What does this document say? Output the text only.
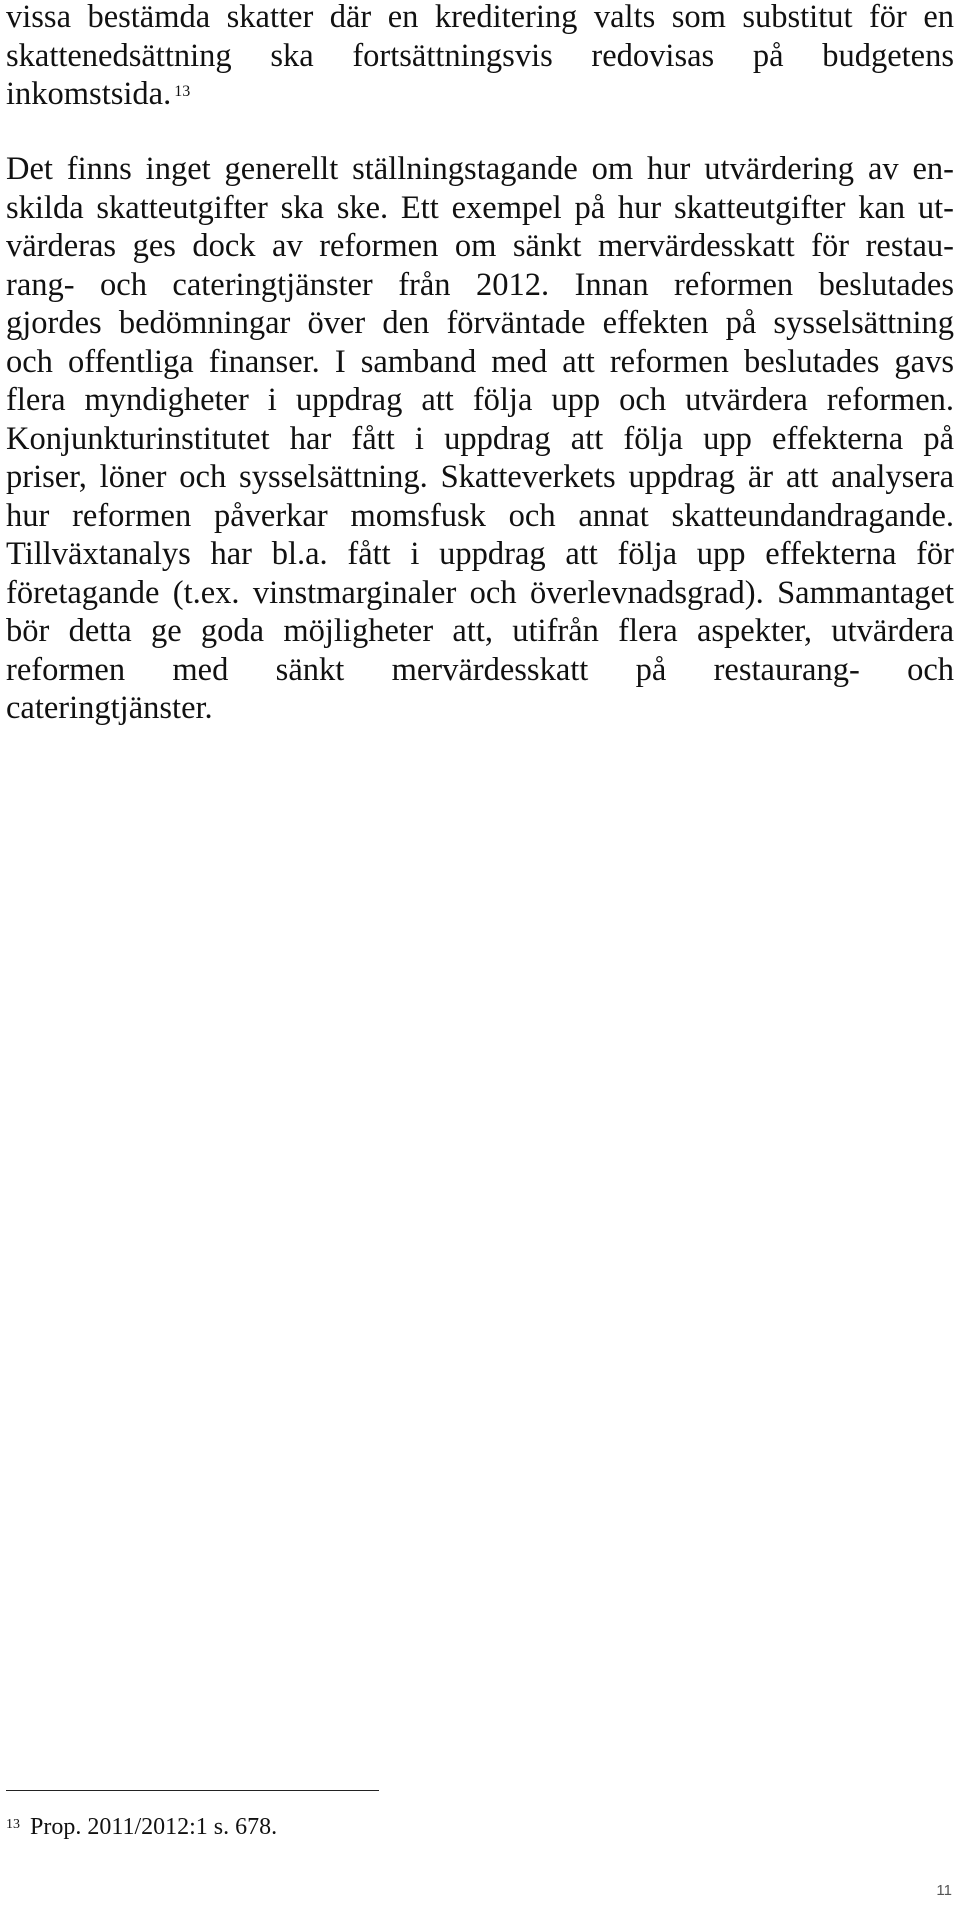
vissa bestämda skatter där en kreditering valts som substitut för en
skattenedsättning ska fortsättningsvis redovisas på budgetens
inkomstsida. $^{13}$
Det finns inget generellt ställningstagande om hur utvärdering av en-
skilda skatteutgifter ska ske. Ett exempel på hur skatteutgifter kan ut-
värderas ges dock av reformen om sänkt mervärdesskatt för restau-
rang- och cateringtjänster från 2012. Innan reformen beslutades
gjordes bedömningar över den förväntade effekten på sysselsättning
och offentliga finanser. I samband med att reformen beslutades gavs
flera myndigheter i uppdrag att följa upp och utvärdera reformen.
Konjunkturinstitutet har fått i uppdrag att följa upp effekterna på
priser, löner och sysselsättning. Skatteverkets uppdrag är att analysera
hur reformen påverkar momsfusk och annat skatteundandragande.
Tillväxtanalys har bl.a. fått i uppdrag att följa upp effekterna för
företagande (t.ex. vinstmarginaler och överlevnadsgrad). Sammantaget
bör detta ge goda möjligheter att, utifrån flera aspekter, utvärdera
reformen med sänkt mervärdesskatt på restaurang- och
cateringtjänster.
$^{13}$ Prop. 2011/2012:1 s. 678.
11
